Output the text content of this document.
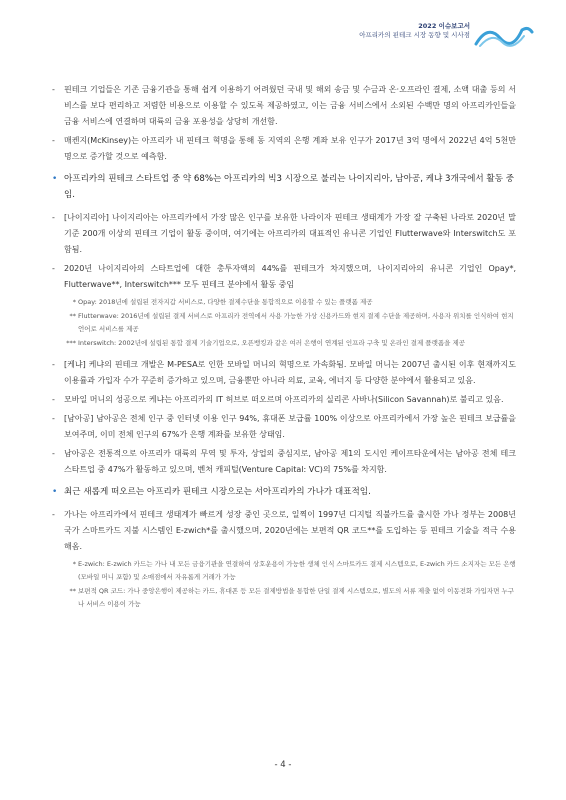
2022 이슈보고서
아프리카의 핀테크 시장 동향 및 시사점
- 핀테크 기업들은 기존 금융기관을 통해 쉽게 이용하기 어려웠던 국내 및 해외 송금 및 수금과 온·오프라인 결제, 소액 대출 등의 서비스를 보다 편리하고 저렴한 비용으로 이용할 수 있도록 제공하였고, 이는 금융 서비스에서 소외된 수백만 명의 아프리카인들을 금융 서비스에 연결하며 대륙의 금융 포용성을 상당히 개선함.
- 매켄지(McKinsey)는 아프리카 내 핀테크 혁명을 통해 동 지역의 은행 계좌 보유 인구가 2017년 3억 명에서 2022년 4억 5천만 명으로 증가할 것으로 예측함.
• 아프리카의 핀테크 스타트업 중 약 68%는 아프리카의 빅3 시장으로 불리는 나이지리아, 남아공, 케냐 3개국에서 활동 중임.
- [나이지리아] 나이지리아는 아프리카에서 가장 많은 인구를 보유한 나라이자 핀테크 생태계가 가장 잘 구축된 나라로 2020년 말 기준 200개 이상의 핀테크 기업이 활동 중이며, 여기에는 아프리카의 대표적인 유니콘 기업인 Flutterwave와 Interswitch도 포함됨.
- 2020년 나이지리아의 스타트업에 대한 총투자액의 44%를 핀테크가 차지했으며, 나이지리아의 유니콘 기업인 Opay*, Flutterwave**, Interswitch*** 모두 핀테크 분야에서 활동 중임
* Opay: 2018년에 설립된 전자지갑 서비스로, 다양한 결제수단을 통합적으로 이용할 수 있는 플랫폼 제공
** Flutterwave: 2016년에 설립된 결제 서비스로 아프리카 전역에서 사용 가능한 가상 신용카드와 현지 결제 수단을 제공하며, 사용자 위치를 인식하여 현지 언어로 서비스를 제공
*** Interswitch: 2002년에 설립된 통합 결제 기술기업으로, 오픈뱅킹과 같은 여러 은행이 연계된 인프라 구축 및 온라인 결제 플랫폼을 제공
- [케냐] 케냐의 핀테크 개발은 M-PESA로 인한 모바일 머니의 혁명으로 가속화됨. 모바일 머니는 2007년 출시된 이후 현재까지도 이용률과 가입자 수가 꾸준히 증가하고 있으며, 금융뿐만 아니라 의료, 교육, 에너지 등 다양한 분야에서 활용되고 있음.
- 모바일 머니의 성공으로 케냐는 아프리카의 IT 허브로 떠오르며 아프리카의 실리콘 사바나(Silicon Savannah)로 불리고 있음.
- [남아공] 남아공은 전체 인구 중 인터넷 이용 인구 94%, 휴대폰 보급률 100% 이상으로 아프리카에서 가장 높은 핀테크 보급률을 보여주며, 이미 전체 인구의 67%가 은행 계좌를 보유한 상태임.
- 남아공은 전통적으로 아프리카 대륙의 무역 및 투자, 상업의 중심지로, 남아공 제1의 도시인 케이프타운에서는 남아공 전체 테크 스타트업 중 47%가 활동하고 있으며, 벤처 캐피털(Venture Capital: VC)의 75%를 차지함.
• 최근 새롭게 떠오르는 아프리카 핀테크 시장으로는 서아프리카의 가나가 대표적임.
- 가나는 아프리카에서 핀테크 생태계가 빠르게 성장 중인 곳으로, 일찍이 1997년 디지털 직불카드를 출시한 가나 정부는 2008년 국가 스마트카드 지불 시스템인 E-zwich*를 출시했으며, 2020년에는 보편적 QR 코드**를 도입하는 등 핀테크 기술을 적극 수용해옴.
* E-zwich: E-zwich 카드는 가나 내 모든 금융기관을 연결하여 상호운용이 가능한 생체 인식 스마트카드 결제 시스템으로, E-zwich 카드 소지자는 모든 은행(모바일 머니 포함) 및 소매점에서 자유롭게 거래가 가능
** 보편적 QR 코드: 가나 중앙은행이 제공하는 카드, 휴대폰 등 모든 결제방법을 통합한 단일 결제 시스템으로, 별도의 서류 제출 없이 이동전화 가입자면 누구나 서비스 이용이 가능
- 4 -
